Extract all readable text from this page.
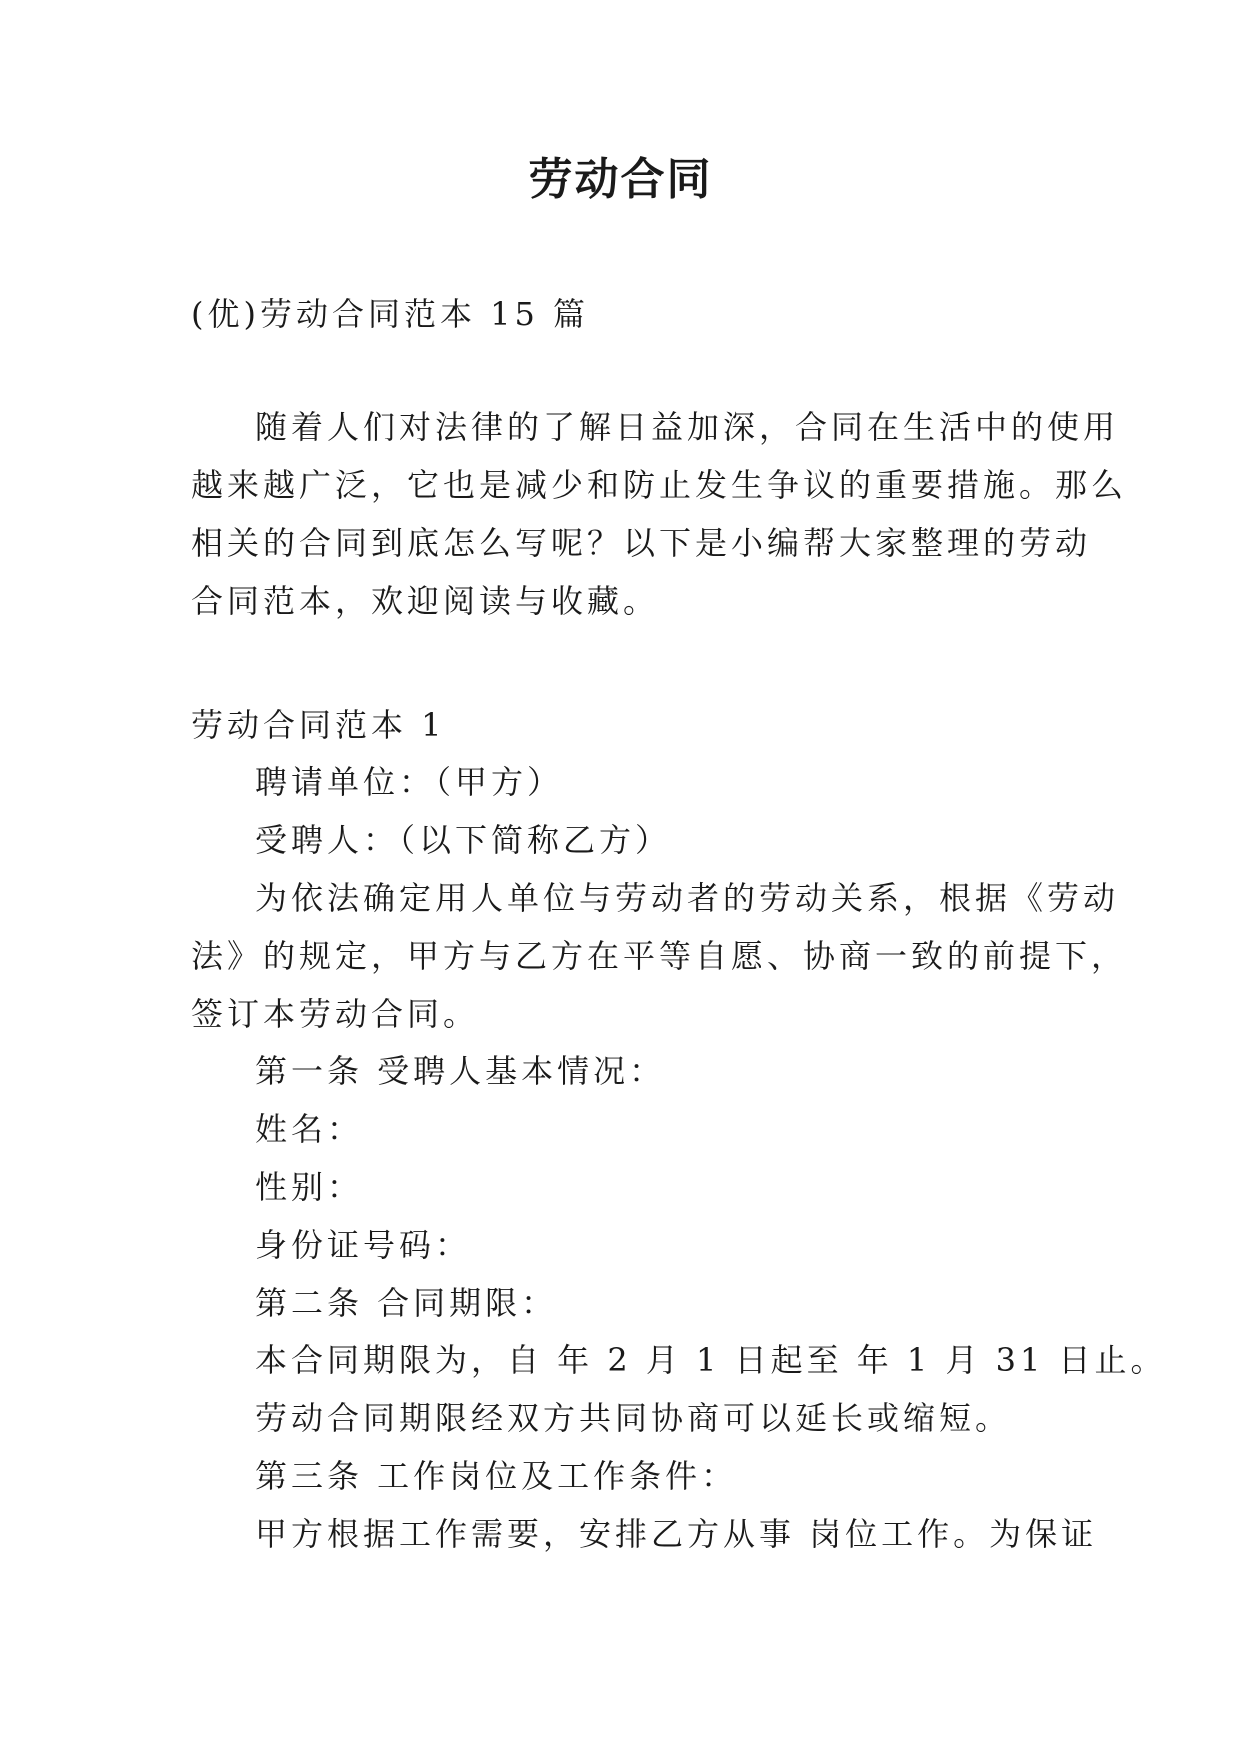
劳动合同
(优)劳动合同范本 15 篇
随着人们对法律的了解日益加深，合同在生活中的使用
越来越广泛，它也是减少和防止发生争议的重要措施。那么
相关的合同到底怎么写呢？以下是小编帮大家整理的劳动
合同范本，欢迎阅读与收藏。
劳动合同范本 1
聘请单位：（甲方）
受聘人：（以下简称乙方）
为依法确定用人单位与劳动者的劳动关系，根据《劳动
法》的规定，甲方与乙方在平等自愿、协商一致的前提下，
签订本劳动合同。
第一条 受聘人基本情况：
姓名：
性别：
身份证号码：
第二条 合同期限：
本合同期限为，自 年 2 月 1 日起至 年 1 月 31 日止。
劳动合同期限经双方共同协商可以延长或缩短。
第三条 工作岗位及工作条件：
甲方根据工作需要，安排乙方从事 岗位工作。为保证
